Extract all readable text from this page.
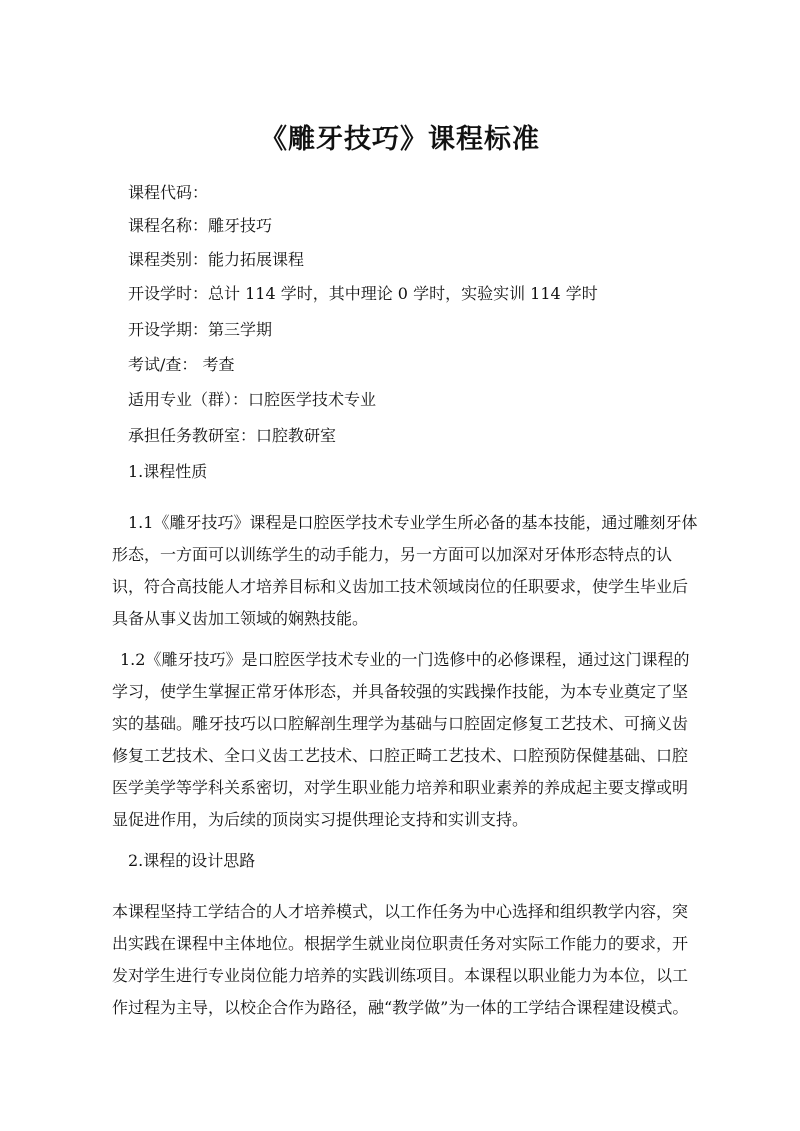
《雕牙技巧》课程标准
课程代码：
课程名称：雕牙技巧
课程类别：能力拓展课程
开设学时：总计 114 学时，其中理论 0 学时，实验实训 114 学时
开设学期：第三学期
考试/查： 考查
适用专业（群）：口腔医学技术专业
承担任务教研室：口腔教研室
1.课程性质

1.1《雕牙技巧》课程是口腔医学技术专业学生所必备的基本技能，通过雕刻牙体形态，一方面可以训练学生的动手能力，另一方面可以加深对牙体形态特点的认识，符合高技能人才培养目标和义齿加工技术领域岗位的任职要求，使学生毕业后具备从事义齿加工领域的娴熟技能。

1.2《雕牙技巧》是口腔医学技术专业的一门选修中的必修课程，通过这门课程的学习，使学生掌握正常牙体形态，并具备较强的实践操作技能，为本专业奠定了坚实的基础。雕牙技巧以口腔解剖生理学为基础与口腔固定修复工艺技术、可摘义齿修复工艺技术、全口义齿工艺技术、口腔正畸工艺技术、口腔预防保健基础、口腔医学美学等学科关系密切，对学生职业能力培养和职业素养的养成起主要支撑或明显促进作用，为后续的顶岗实习提供理论支持和实训支持。

2.课程的设计思路

本课程坚持工学结合的人才培养模式，以工作任务为中心选择和组织教学内容，突出实践在课程中主体地位。根据学生就业岗位职责任务对实际工作能力的要求，开发对学生进行专业岗位能力培养的实践训练项目。本课程以职业能力为本位，以工作过程为主导，以校企合作为路径，融“教学做”为一体的工学结合课程建设模式。
